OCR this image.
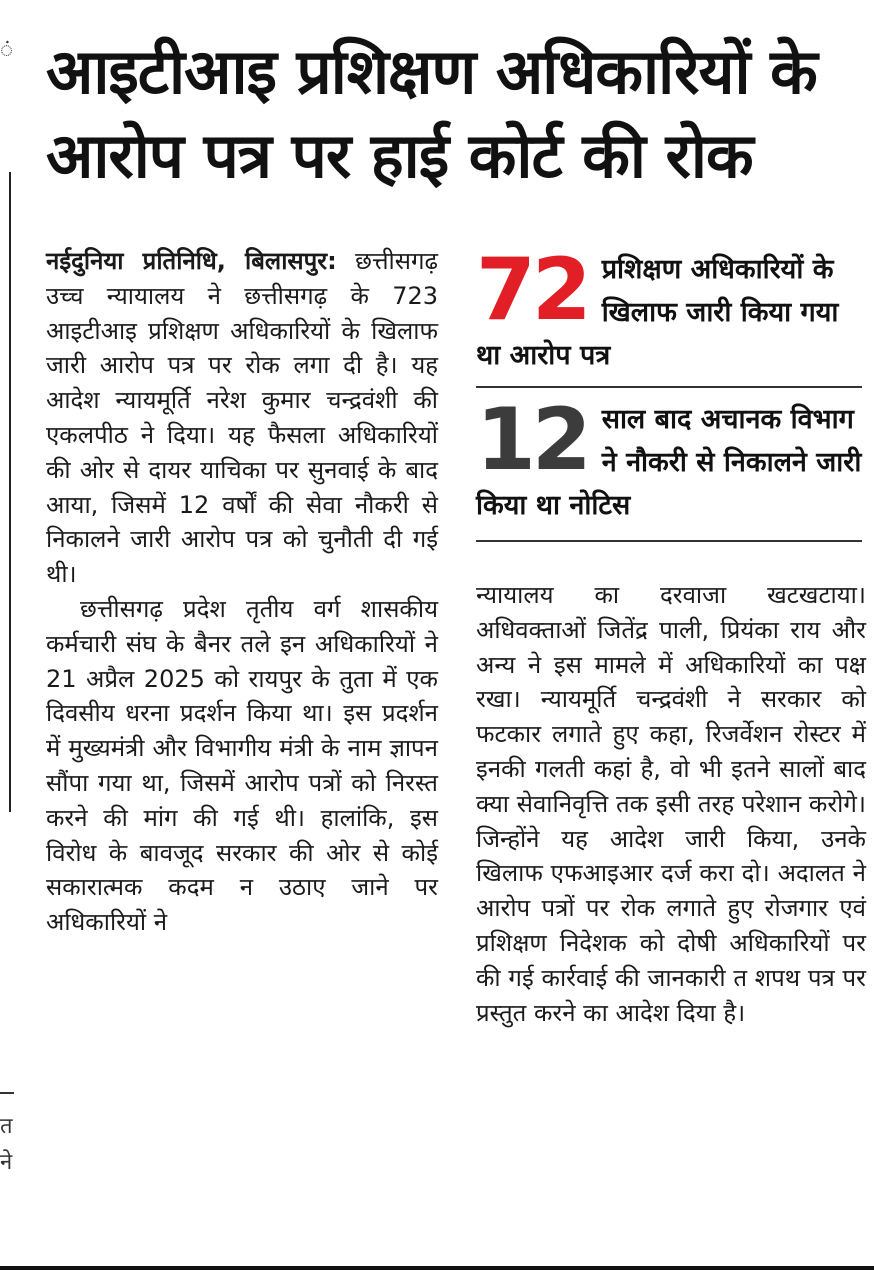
ं
त
ने
आइटीआइ प्रशिक्षण अधिकारियों के
आरोप पत्र पर हाई कोर्ट की रोक

नईदुनिया प्रतिनिधि, बिलासपुर: छत्तीसगढ़ उच्च न्यायालय ने छत्तीसगढ़ के 723 आइटीआइ प्रशिक्षण अधिकारियों के खिलाफ जारी आरोप पत्र पर रोक लगा दी है। यह आदेश न्यायमूर्ति नरेश कुमार चन्द्रवंशी की एकलपीठ ने दिया। यह फैसला अधिकारियों की ओर से दायर याचिका पर सुनवाई के बाद आया, जिसमें 12 वर्षों की सेवा नौकरी से निकालने जारी आरोप पत्र को चुनौती दी गई थी।

छत्तीसगढ़ प्रदेश तृतीय वर्ग शासकीय कर्मचारी संघ के बैनर तले इन अधिकारियों ने 21 अप्रैल 2025 को रायपुर के तुता में एक दिवसीय धरना प्रदर्शन किया था। इस प्रदर्शन में मुख्यमंत्री और विभागीय मंत्री के नाम ज्ञापन सौंपा गया था, जिसमें आरोप पत्रों को निरस्त करने की मांग की गई थी। हालांकि, इस विरोध के बावजूद सरकार की ओर से कोई सकारात्मक कदम न उठाए जाने पर अधिकारियों ने

72 प्रशिक्षण अधिकारियों के खिलाफ जारी किया गया था आरोप पत्र
12 साल बाद अचानक विभाग ने नौकरी से निकालने जारी किया था नोटिस

न्यायालय का दरवाजा खटखटाया। अधिवक्ताओं जितेंद्र पाली, प्रियंका राय और अन्य ने इस मामले में अधिकारियों का पक्ष रखा। न्यायमूर्ति चन्द्रवंशी ने सरकार को फटकार लगाते हुए कहा, रिजर्वेशन रोस्टर में इनकी गलती कहां है, वो भी इतने सालों बाद क्या सेवानिवृत्ति तक इसी तरह परेशान करोगे। जिन्होंने यह आदेश जारी किया, उनके खिलाफ एफआइआर दर्ज करा दो। अदालत ने आरोप पत्रों पर रोक लगाते हुए रोजगार एवं प्रशिक्षण निदेशक को दोषी अधिकारियों पर की गई कार्रवाई की जानकारी त शपथ पत्र पर प्रस्तुत करने का आदेश दिया है।
